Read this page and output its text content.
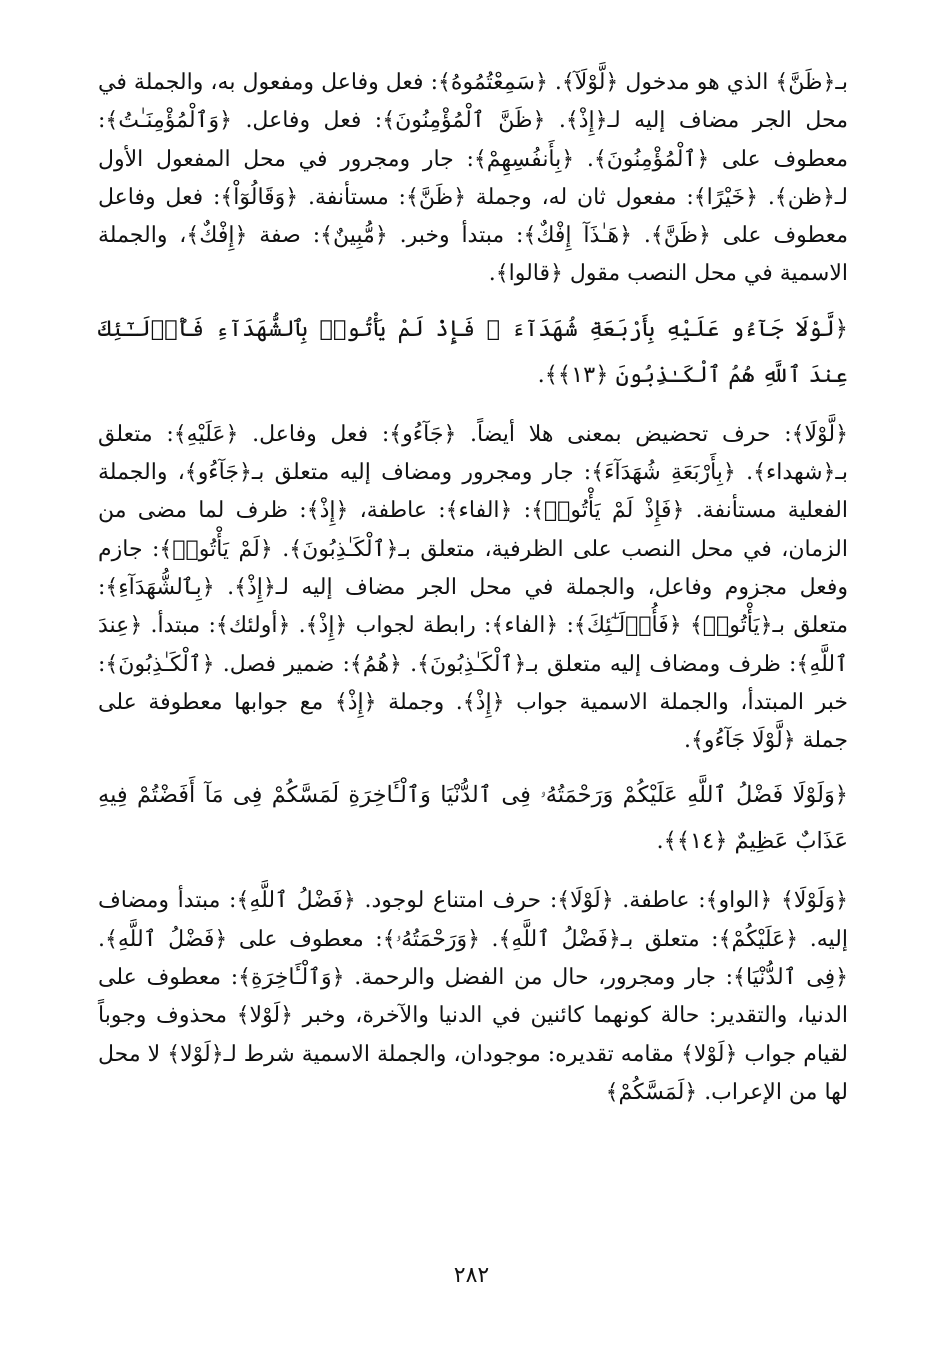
بـ﴿ظَنَّ﴾ الذي هو مدخول ﴿لَّوْلَآ﴾. ﴿سَمِعْتُمُوهُ﴾: فعل وفاعل ومفعول به، والجملة في محل الجر مضاف إليه لـ﴿إِذْ﴾. ﴿ظَنَّ ٱلْمُؤْمِنُونَ﴾: فعل وفاعل. ﴿وَٱلْمُؤْمِنَـٰتُ﴾: معطوف على ﴿ٱلْمُؤْمِنُونَ﴾. ﴿بِأَنفُسِهِمْ﴾: جار ومجرور في محل المفعول الأول لـ﴿ظن﴾. ﴿خَيْرًا﴾: مفعول ثان له، وجملة ﴿ظَنَّ﴾: مستأنفة. ﴿وَقَالُوٓاْ﴾: فعل وفاعل معطوف على ﴿ظَنَّ﴾. ﴿هَـٰذَآ إِفْكٌ﴾: مبتدأ وخبر. ﴿مُّبِينٌ﴾: صفة ﴿إِفْكٌ﴾، والجملة الاسمية في محل النصب مقول ﴿قالوا﴾.

﴿لَّوْلَا جَآءُو عَلَيْهِ بِأَرْبَعَةِ شُهَدَآءَ ۚ فَإِذْ لَمْ يَأْتُوا۟ بِٱلشُّهَدَآءِ فَأُو۟لَـٰٓئِكَ عِندَ ٱللَّهِ هُمُ ٱلْكَـٰذِبُونَ ﴿١٣﴾﴾.

﴿لَّوْلَا﴾: حرف تحضيض بمعنى هلا أيضاً. ﴿جَآءُو﴾: فعل وفاعل. ﴿عَلَيْهِ﴾: متعلق بـ﴿شهداء﴾. ﴿بِأَرْبَعَةِ شُهَدَآءَ﴾: جار ومجرور ومضاف إليه متعلق بـ﴿جَآءُو﴾، والجملة الفعلية مستأنفة. ﴿فَإِذْ لَمْ يَأْتُوا۟﴾: ﴿الفاء﴾: عاطفة، ﴿إِذْ﴾: ظرف لما مضى من الزمان، في محل النصب على الظرفية، متعلق بـ﴿ٱلْكَـٰذِبُونَ﴾. ﴿لَمْ يَأْتُوا۟﴾: جازم وفعل مجزوم وفاعل، والجملة في محل الجر مضاف إليه لـ﴿إِذْ﴾. ﴿بِٱلشُّهَدَآءِ﴾: متعلق بـ﴿يَأْتُوا۟﴾ ﴿فَأُو۟لَـٰٓئِكَ﴾: ﴿الفاء﴾: رابطة لجواب ﴿إِذْ﴾. ﴿أولئك﴾: مبتدأ. ﴿عِندَ ٱللَّهِ﴾: ظرف ومضاف إليه متعلق بـ﴿ٱلْكَـٰذِبُونَ﴾. ﴿هُمُ﴾: ضمير فصل. ﴿ٱلْكَـٰذِبُونَ﴾: خبر المبتدأ، والجملة الاسمية جواب ﴿إِذْ﴾. وجملة ﴿إِذْ﴾ مع جوابها معطوفة على جملة ﴿لَّوْلَا جَآءُو﴾.

﴿وَلَوْلَا فَضْلُ ٱللَّهِ عَلَيْكُمْ وَرَحْمَتُهُۥ فِى ٱلدُّنْيَا وَٱلْـَٔاخِرَةِ لَمَسَّكُمْ فِى مَآ أَفَضْتُمْ فِيهِ عَذَابٌ عَظِيمٌ ﴿١٤﴾﴾.

﴿وَلَوْلَا﴾ ﴿الواو﴾: عاطفة. ﴿لَوْلَا﴾: حرف امتناع لوجود. ﴿فَضْلُ ٱللَّهِ﴾: مبتدأ ومضاف إليه. ﴿عَلَيْكُمْ﴾: متعلق بـ﴿فَضْلُ ٱللَّهِ﴾. ﴿وَرَحْمَتُهُۥ﴾: معطوف على ﴿فَضْلُ ٱللَّهِ﴾. ﴿فِى ٱلدُّنْيَا﴾: جار ومجرور، حال من الفضل والرحمة. ﴿وَٱلْـَٔاخِرَةِ﴾: معطوف على الدنيا، والتقدير: حالة كونهما كائنين في الدنيا والآخرة، وخبر ﴿لَوْلا﴾ محذوف وجوباً لقيام جواب ﴿لَوْلا﴾ مقامه تقديره: موجودان، والجملة الاسمية شرط لـ﴿لَوْلا﴾ لا محل لها من الإعراب. ﴿لَمَسَّكُمْ﴾

٢٨٢
